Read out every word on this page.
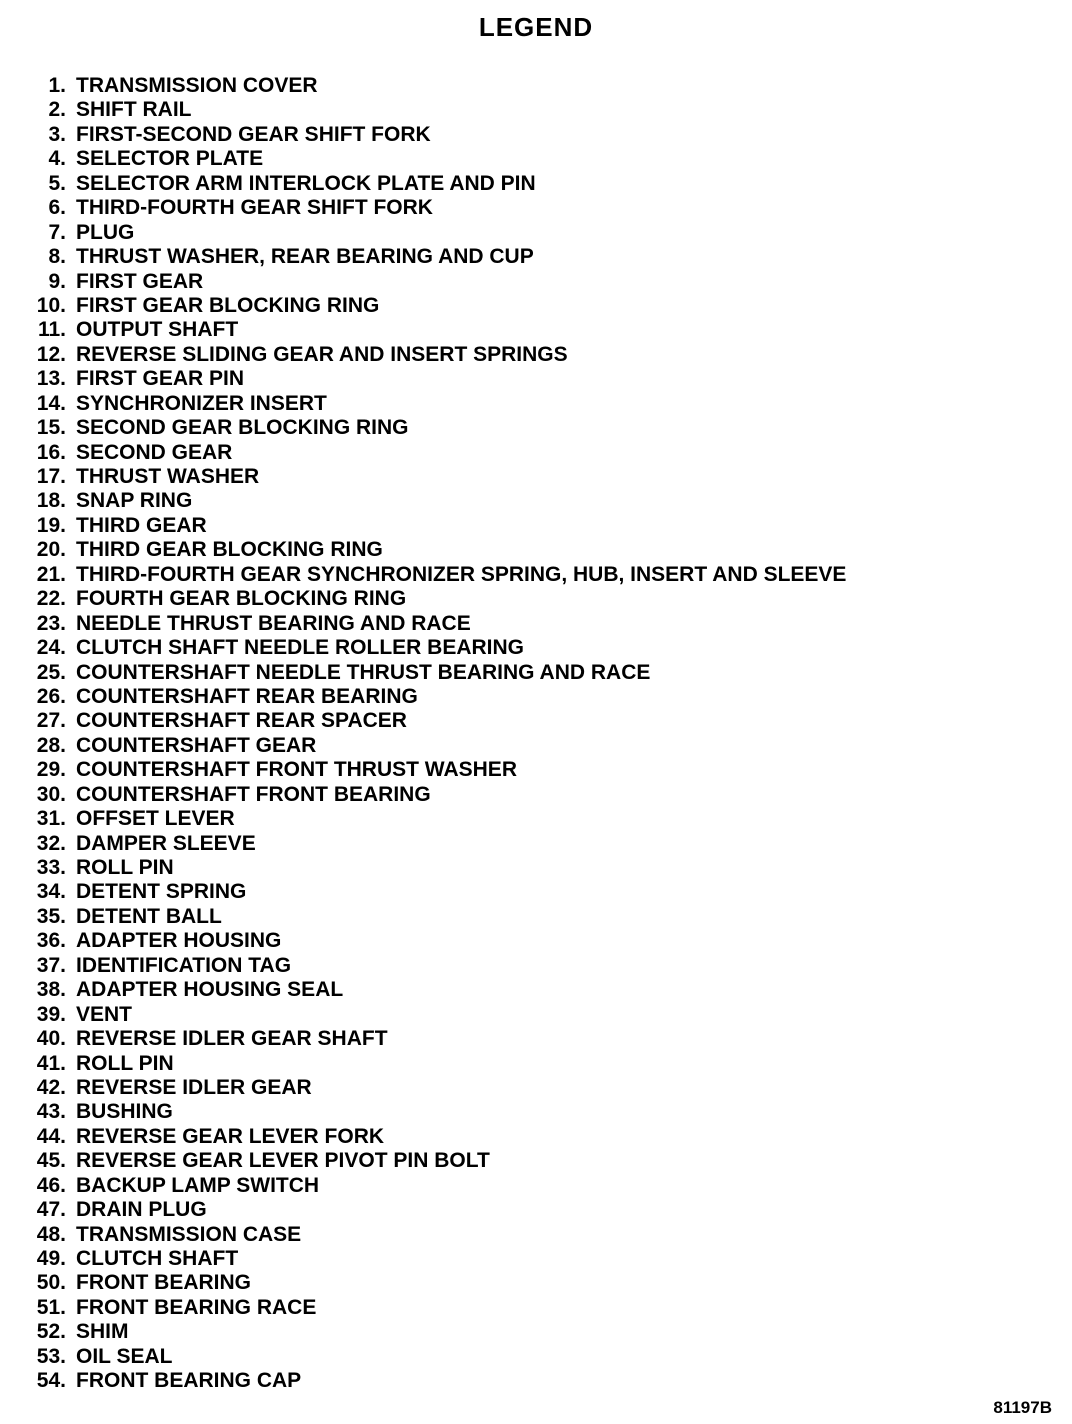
LEGEND
1. TRANSMISSION COVER
2. SHIFT RAIL
3. FIRST-SECOND GEAR SHIFT FORK
4. SELECTOR PLATE
5. SELECTOR ARM INTERLOCK PLATE AND PIN
6. THIRD-FOURTH GEAR SHIFT FORK
7. PLUG
8. THRUST WASHER, REAR BEARING AND CUP
9. FIRST GEAR
10. FIRST GEAR BLOCKING RING
11. OUTPUT SHAFT
12. REVERSE SLIDING GEAR AND INSERT SPRINGS
13. FIRST GEAR PIN
14. SYNCHRONIZER INSERT
15. SECOND GEAR BLOCKING RING
16. SECOND GEAR
17. THRUST WASHER
18. SNAP RING
19. THIRD GEAR
20. THIRD GEAR BLOCKING RING
21. THIRD-FOURTH GEAR SYNCHRONIZER SPRING, HUB, INSERT AND SLEEVE
22. FOURTH GEAR BLOCKING RING
23. NEEDLE THRUST BEARING AND RACE
24. CLUTCH SHAFT NEEDLE ROLLER BEARING
25. COUNTERSHAFT NEEDLE THRUST BEARING AND RACE
26. COUNTERSHAFT REAR BEARING
27. COUNTERSHAFT REAR SPACER
28. COUNTERSHAFT GEAR
29. COUNTERSHAFT FRONT THRUST WASHER
30. COUNTERSHAFT FRONT BEARING
31. OFFSET LEVER
32. DAMPER SLEEVE
33. ROLL PIN
34. DETENT SPRING
35. DETENT BALL
36. ADAPTER HOUSING
37. IDENTIFICATION TAG
38. ADAPTER HOUSING SEAL
39. VENT
40. REVERSE IDLER GEAR SHAFT
41. ROLL PIN
42. REVERSE IDLER GEAR
43. BUSHING
44. REVERSE GEAR LEVER FORK
45. REVERSE GEAR LEVER PIVOT PIN BOLT
46. BACKUP LAMP SWITCH
47. DRAIN PLUG
48. TRANSMISSION CASE
49. CLUTCH SHAFT
50. FRONT BEARING
51. FRONT BEARING RACE
52. SHIM
53. OIL SEAL
54. FRONT BEARING CAP
81197B
